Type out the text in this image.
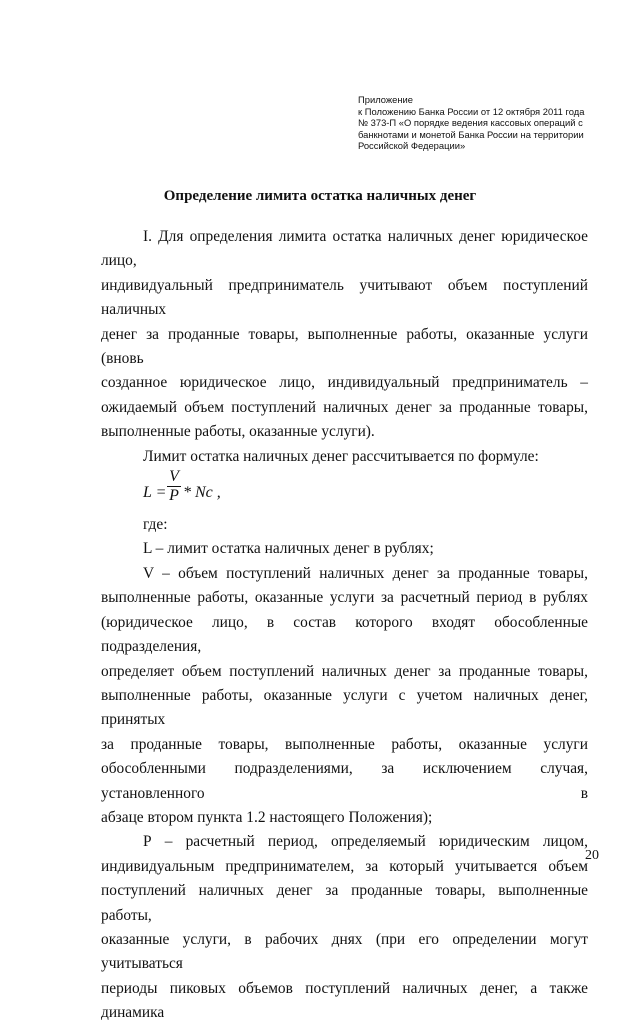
Приложение
к Положению Банка России от 12 октября 2011 года
№ 373-П «О порядке ведения кассовых операций с
банкнотами и монетой Банка России на территории
Российской Федерации»
Определение лимита остатка наличных денег
I. Для определения лимита остатка наличных денег юридическое лицо,
индивидуальный предприниматель учитывают объем поступлений наличных
денег за проданные товары, выполненные работы, оказанные услуги (вновь
созданное юридическое лицо, индивидуальный предприниматель –
ожидаемый объем поступлений наличных денег за проданные товары,
выполненные работы, оказанные услуги).
Лимит остатка наличных денег рассчитывается по формуле:
L =
V
P * Nc ,
где:
L – лимит остатка наличных денег в рублях;
V – объем поступлений наличных денег за проданные товары,
выполненные работы, оказанные услуги за расчетный период в рублях
(юридическое лицо, в состав которого входят обособленные подразделения,
определяет объем поступлений наличных денег за проданные товары,
выполненные работы, оказанные услуги с учетом наличных денег, принятых
за проданные товары, выполненные работы, оказанные услуги
обособленными подразделениями, за исключением случая, установленного в
абзаце втором пункта 1.2 настоящего Положения);
Р – расчетный период, определяемый юридическим лицом,
индивидуальным предпринимателем, за который учитывается объем
поступлений наличных денег за проданные товары, выполненные работы,
оказанные услуги, в рабочих днях (при его определении могут учитываться
периоды пиковых объемов поступлений наличных денег, а также динамика
20
